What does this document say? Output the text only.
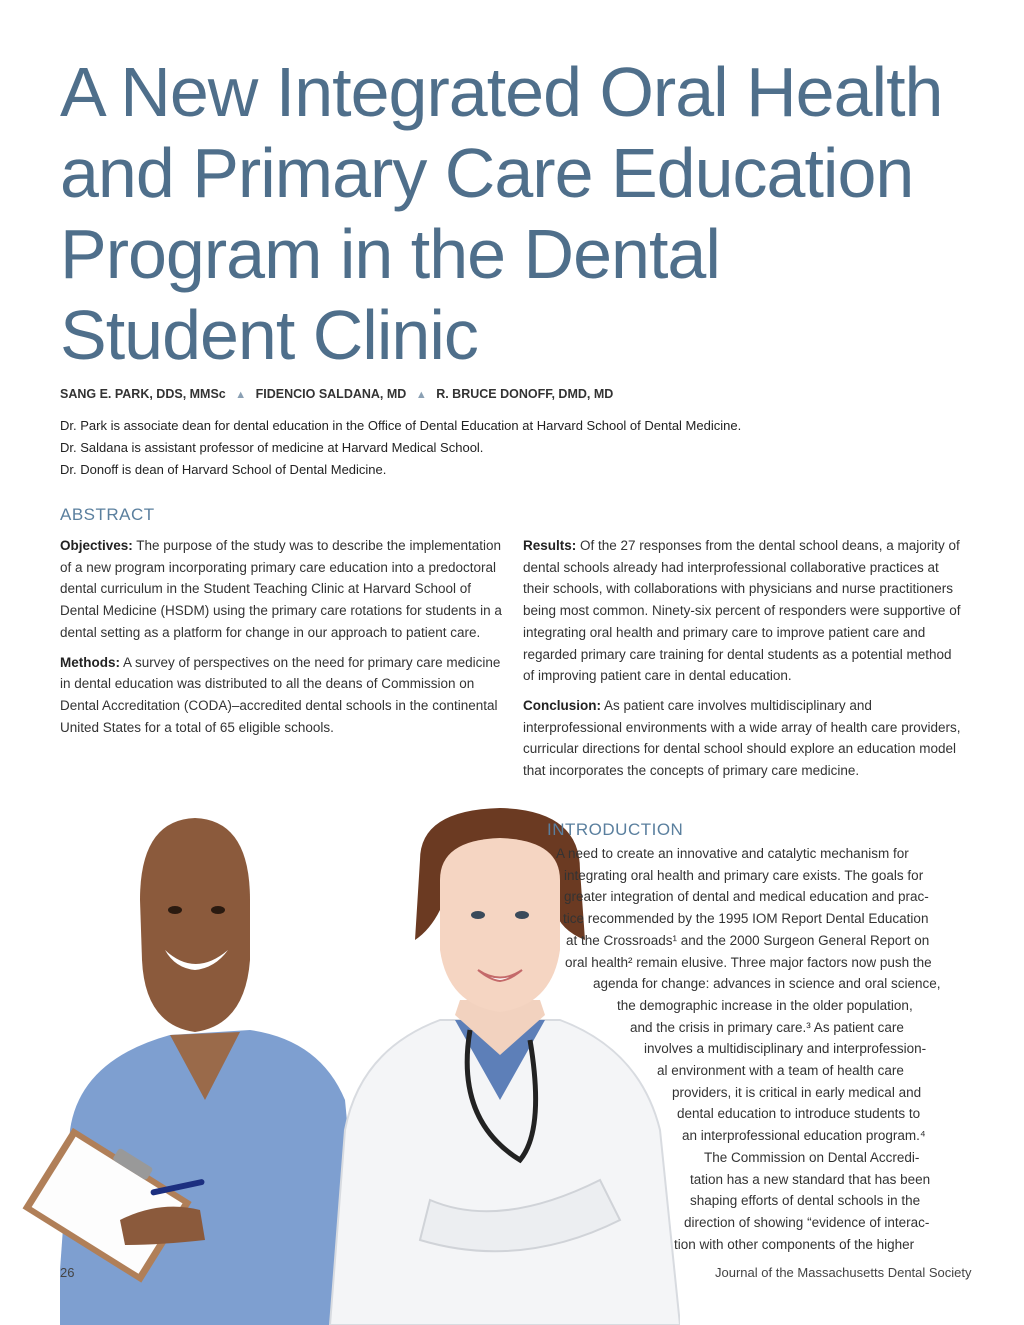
A New Integrated Oral Health
and Primary Care Education
Program in the Dental
Student Clinic
SANG E. PARK, DDS, MMSc ▲ FIDENCIO SALDANA, MD ▲ R. BRUCE DONOFF, DMD, MD
Dr. Park is associate dean for dental education in the Office of Dental Education at Harvard School of Dental Medicine.
Dr. Saldana is assistant professor of medicine at Harvard Medical School.
Dr. Donoff is dean of Harvard School of Dental Medicine.
ABSTRACT

Objectives: The purpose of the study was to describe the implementation of a new program incorporating primary care education into a predoctoral dental curriculum in the Student Teaching Clinic at Harvard School of Dental Medicine (HSDM) using the primary care rotations for students in a dental setting as a platform for change in our approach to patient care.

Methods: A survey of perspectives on the need for primary care medicine in dental education was distributed to all the deans of Commission on Dental Accreditation (CODA)–accredited dental schools in the continental United States for a total of 65 eligible schools.

Results: Of the 27 responses from the dental school deans, a majority of dental schools already had interprofessional collaborative practices at their schools, with collaborations with physicians and nurse practitioners being most common. Ninety-six percent of responders were supportive of integrating oral health and primary care to improve patient care and regarded primary care training for dental students as a potential method of improving patient care in dental education.

Conclusion: As patient care involves multidisciplinary and interprofessional environments with a wide array of health care providers, curricular directions for dental school should explore an education model that incorporates the concepts of primary care medicine.

INTRODUCTION
A need to create an innovative and catalytic mechanism for
integrating oral health and primary care exists. The goals for
greater integration of dental and medical education and prac-
tice recommended by the 1995 IOM Report Dental Education
at the Crossroads¹ and the 2000 Surgeon General Report on
oral health² remain elusive. Three major factors now push the
agenda for change: advances in science and oral science,
the demographic increase in the older population,
and the crisis in primary care.³ As patient care
involves a multidisciplinary and interprofession-
al environment with a team of health care
providers, it is critical in early medical and
dental education to introduce students to
an interprofessional education program.⁴
The Commission on Dental Accredi-
tation has a new standard that has been
shaping efforts of dental schools in the
direction of showing “evidence of interac-
tion with other components of the higher
26	Journal of the Massachusetts Dental Society
